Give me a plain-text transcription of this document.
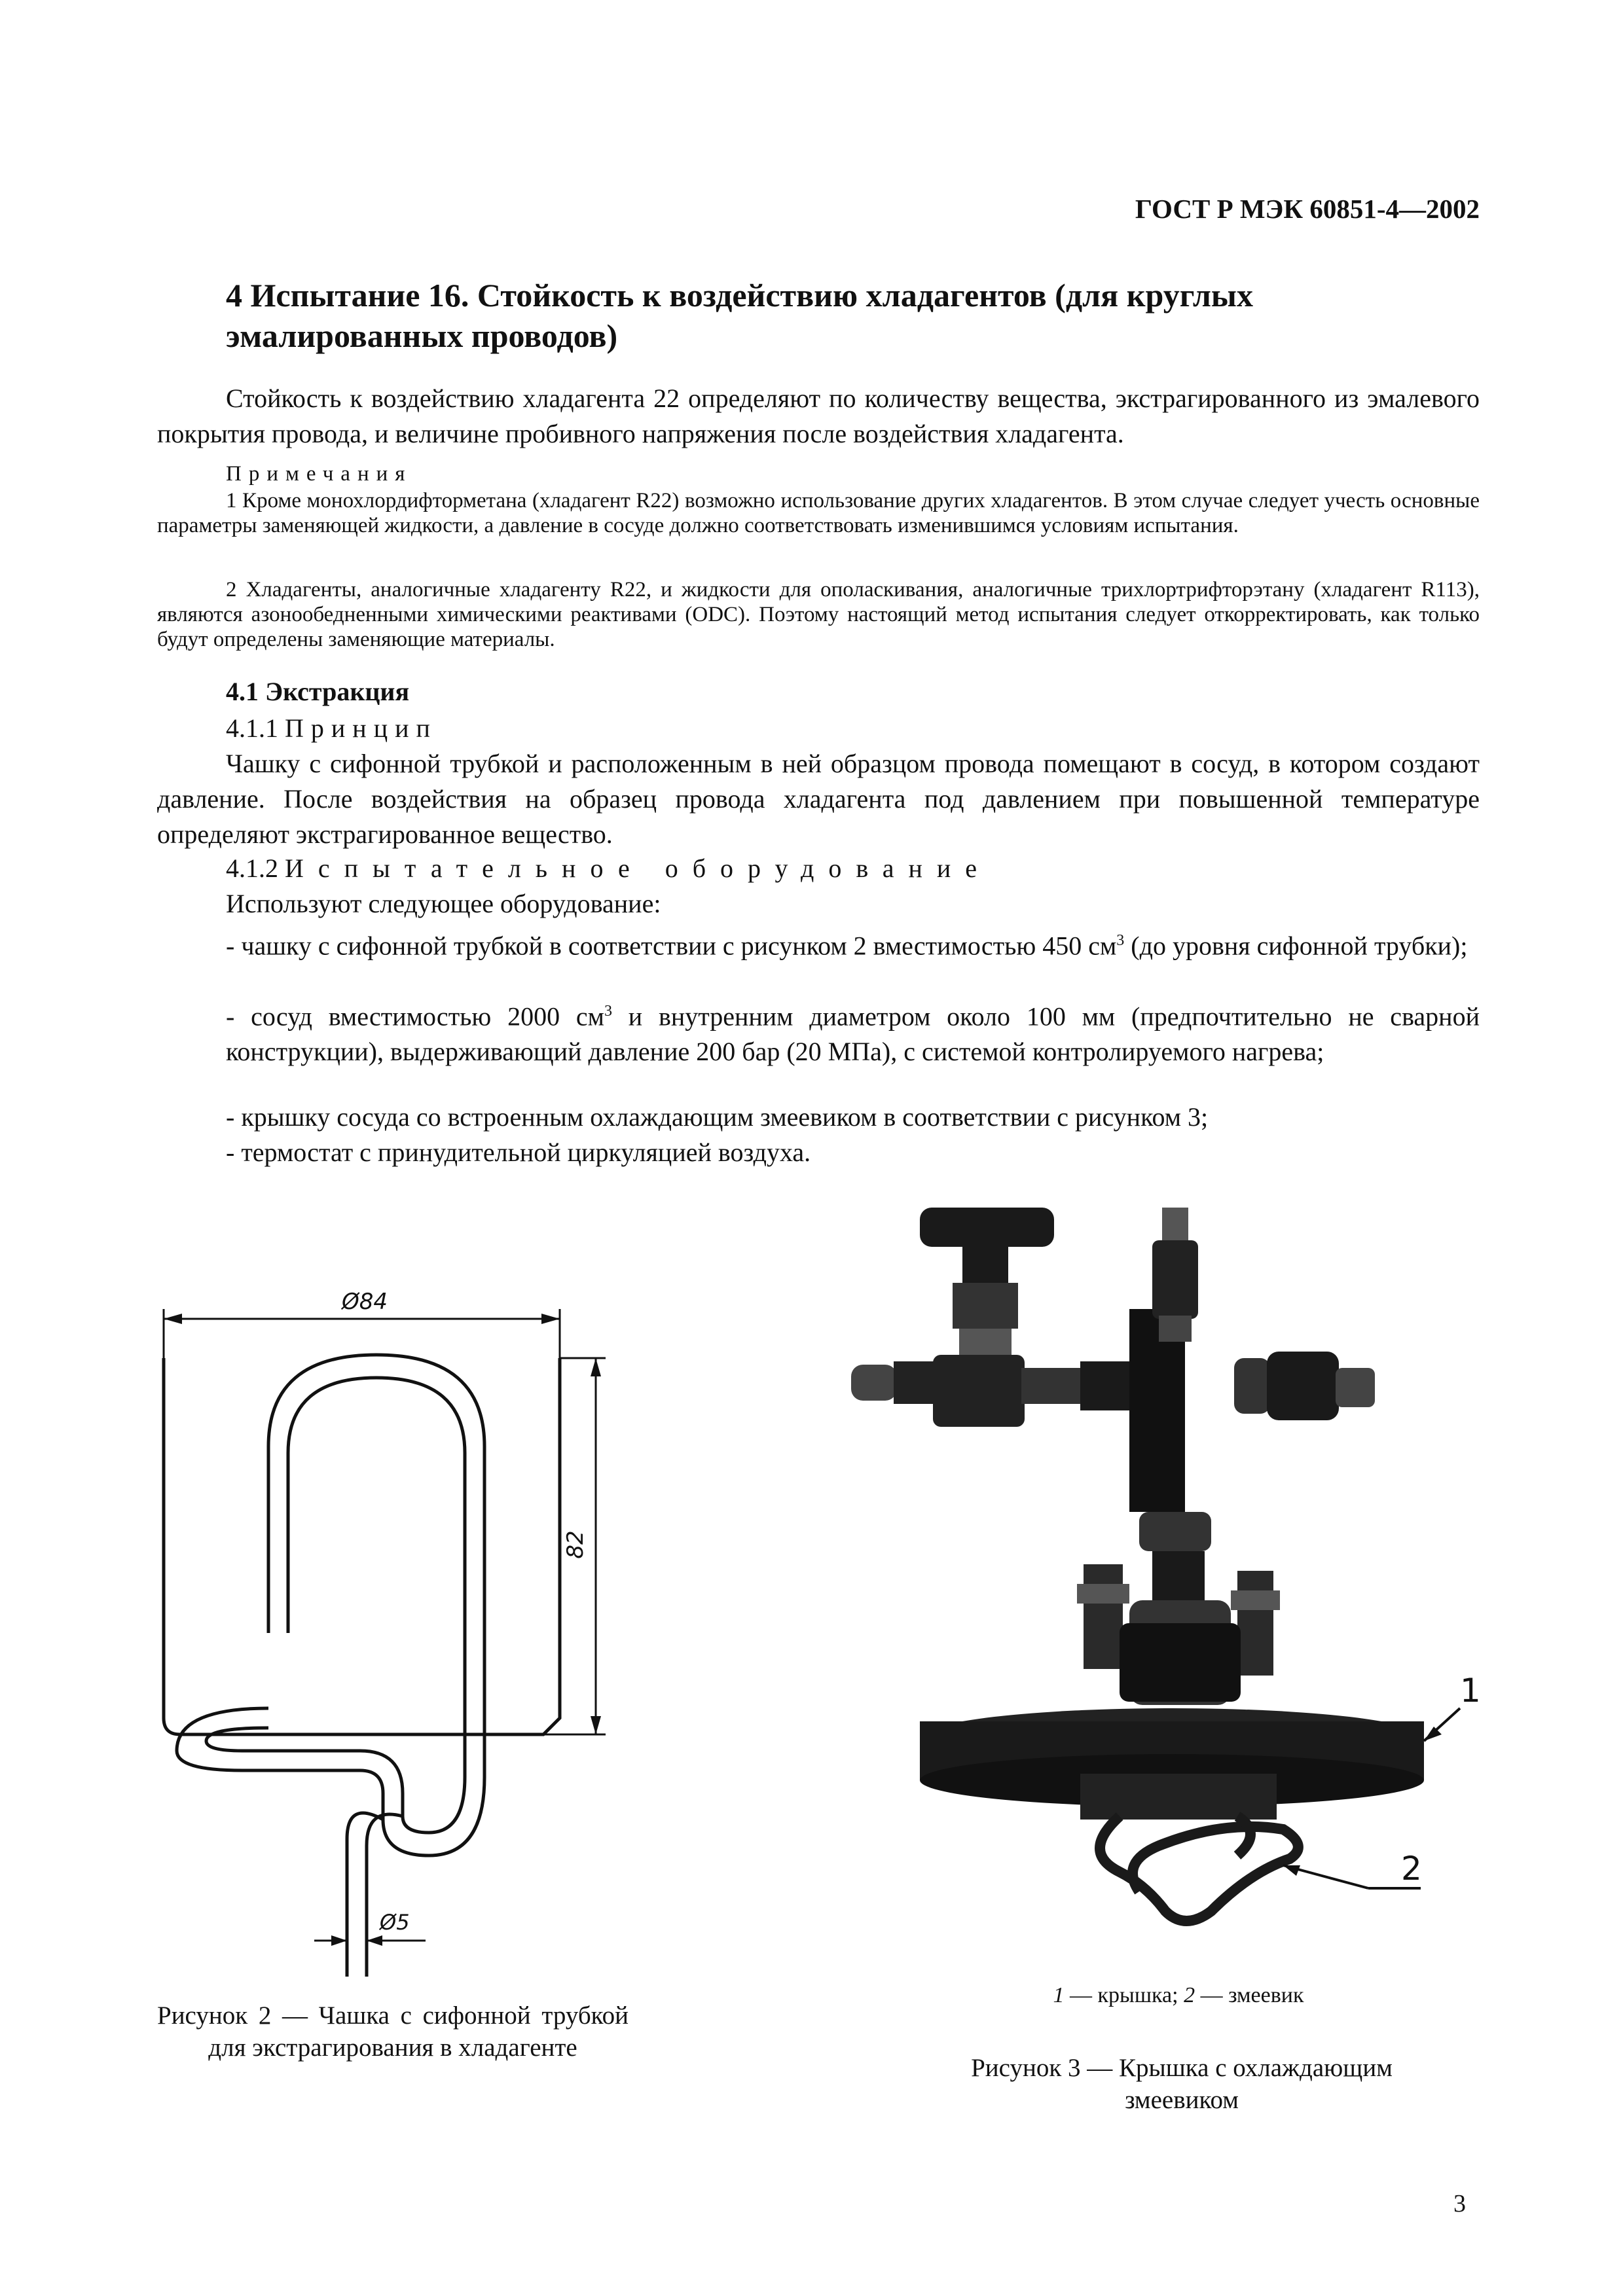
ГОСТ Р МЭК 60851-4—2002
4 Испытание 16. Стойкость к воздействию хладагентов (для круглых эмалированных проводов)
Стойкость к воздействию хладагента 22 определяют по количеству вещества, экстрагированного из эмалевого покрытия провода, и величине пробивного напряжения после воздействия хладагента.
Примечания
1 Кроме монохлордифторметана (хладагент R22) возможно использование других хладагентов. В этом случае следует учесть основные параметры заменяющей жидкости, а давление в сосуде должно соответствовать изменившимся условиям испытания.
2 Хладагенты, аналогичные хладагенту R22, и жидкости для ополаскивания, аналогичные трихлортрифторэтану (хладагент R113), являются азонообедненными химическими реактивами (ODC). Поэтому настоящий метод испытания следует откорректировать, как только будут определены заменяющие материалы.
4.1 Экстракция
4.1.1 Принцип
Чашку с сифонной трубкой и расположенным в ней образцом провода помещают в сосуд, в котором создают давление. После воздействия на образец провода хладагента под давлением при повышенной температуре определяют экстрагированное вещество.
4.1.2 Испытательное оборудование
Используют следующее оборудование:
- чашку с сифонной трубкой в соответствии с рисунком 2 вместимостью 450 $см^3$ (до уровня сифонной трубки);
- сосуд вместимостью 2000 $см^3$ и внутренним диаметром около 100 мм (предпочтительно не сварной конструкции), выдерживающий давление 200 бар (20 МПа), с системой контролируемого нагрева;
- крышку сосуда со встроенным охлаждающим змеевиком в соответствии с рисунком 3;
- термостат с принудительной циркуляцией воздуха.
Ø84
82
Ø5
Рисунок 2 — Чашка с сифонной трубкой для экстрагирования в хладагенте
1
2
1 — крышка; 2 — змеевик
Рисунок 3 — Крышка с охлаждающим змеевиком
3
